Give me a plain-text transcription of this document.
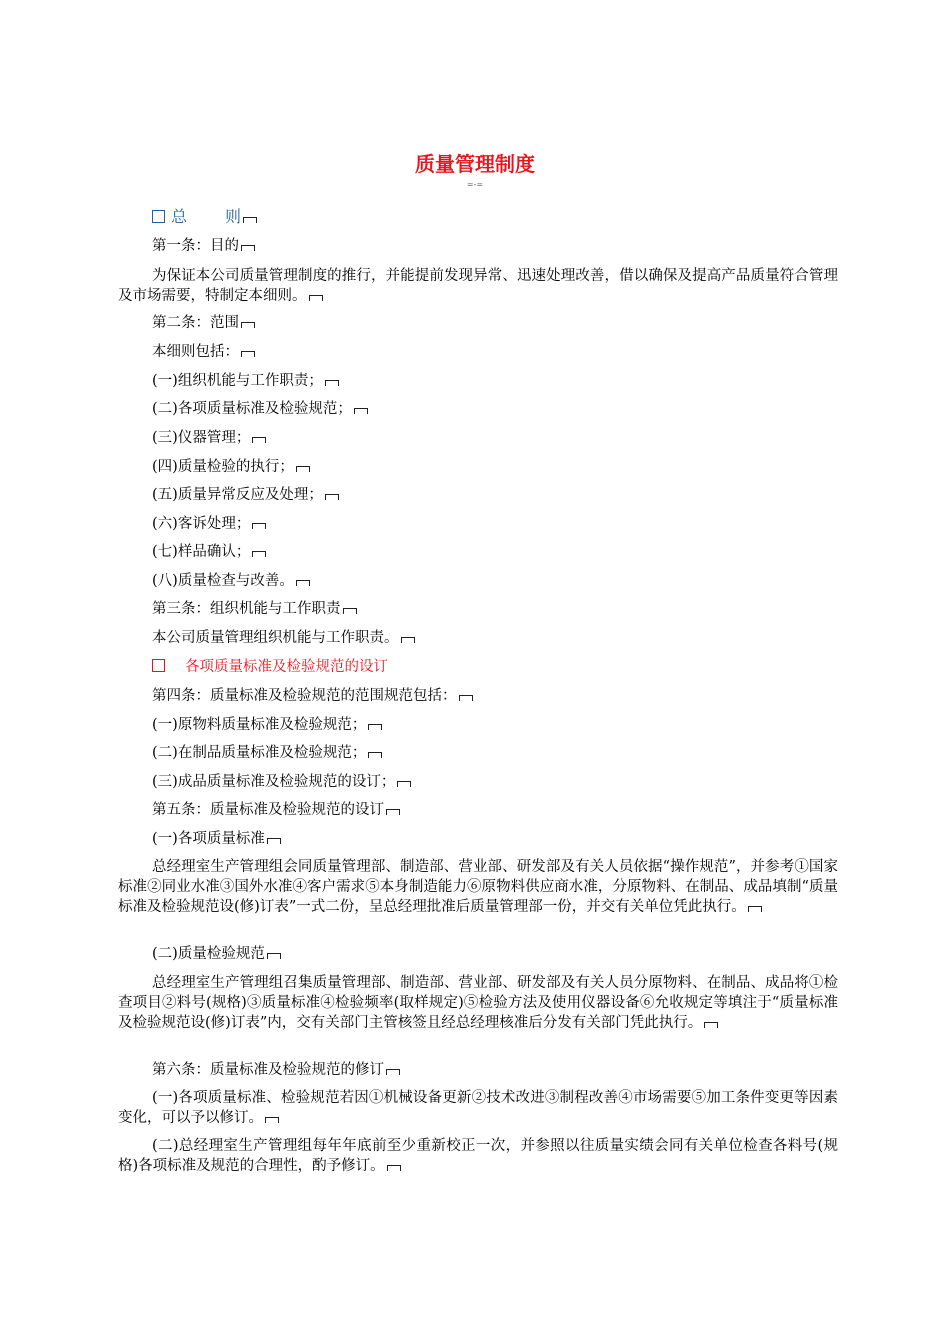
质量管理制度
=-=
总 则
第一条：目的

为保证本公司质量管理制度的推行，并能提前发现异常、迅速处理改善，借以确保及提高产品质量符合管理及市场需要，特制定本细则。

第二条：范围
本细则包括：
(一)组织机能与工作职责；
(二)各项质量标准及检验规范；
(三)仪器管理；
(四)质量检验的执行；
(五)质量异常反应及处理；
(六)客诉处理；
(七)样品确认；
(八)质量检查与改善。
第三条：组织机能与工作职责
本公司质量管理组织机能与工作职责。
各项质量标准及检验规范的设订
第四条：质量标准及检验规范的范围规范包括：
(一)原物料质量标准及检验规范；
(二)在制品质量标准及检验规范；
(三)成品质量标准及检验规范的设订；
第五条：质量标准及检验规范的设订
(一)各项质量标准

总经理室生产管理组会同质量管理部、制造部、营业部、研发部及有关人员依据“操作规范”，并参考①国家标准②同业水准③国外水准④客户需求⑤本身制造能力⑥原物料供应商水准，分原物料、在制品、成品填制“质量标准及检验规范设(修)订表”一式二份，呈总经理批准后质量管理部一份，并交有关单位凭此执行。

(二)质量检验规范

总经理室生产管理组召集质量管理部、制造部、营业部、研发部及有关人员分原物料、在制品、成品将①检查项目②料号(规格)③质量标准④检验频率(取样规定)⑤检验方法及使用仪器设备⑥允收规定等填注于“质量标准及检验规范设(修)订表”内，交有关部门主管核签且经总经理核准后分发有关部门凭此执行。

第六条：质量标准及检验规范的修订

(一)各项质量标准、检验规范若因①机械设备更新②技术改进③制程改善④市场需要⑤加工条件变更等因素变化，可以予以修订。

(二)总经理室生产管理组每年年底前至少重新校正一次，并参照以往质量实绩会同有关单位检查各料号(规格)各项标准及规范的合理性，酌予修订。
